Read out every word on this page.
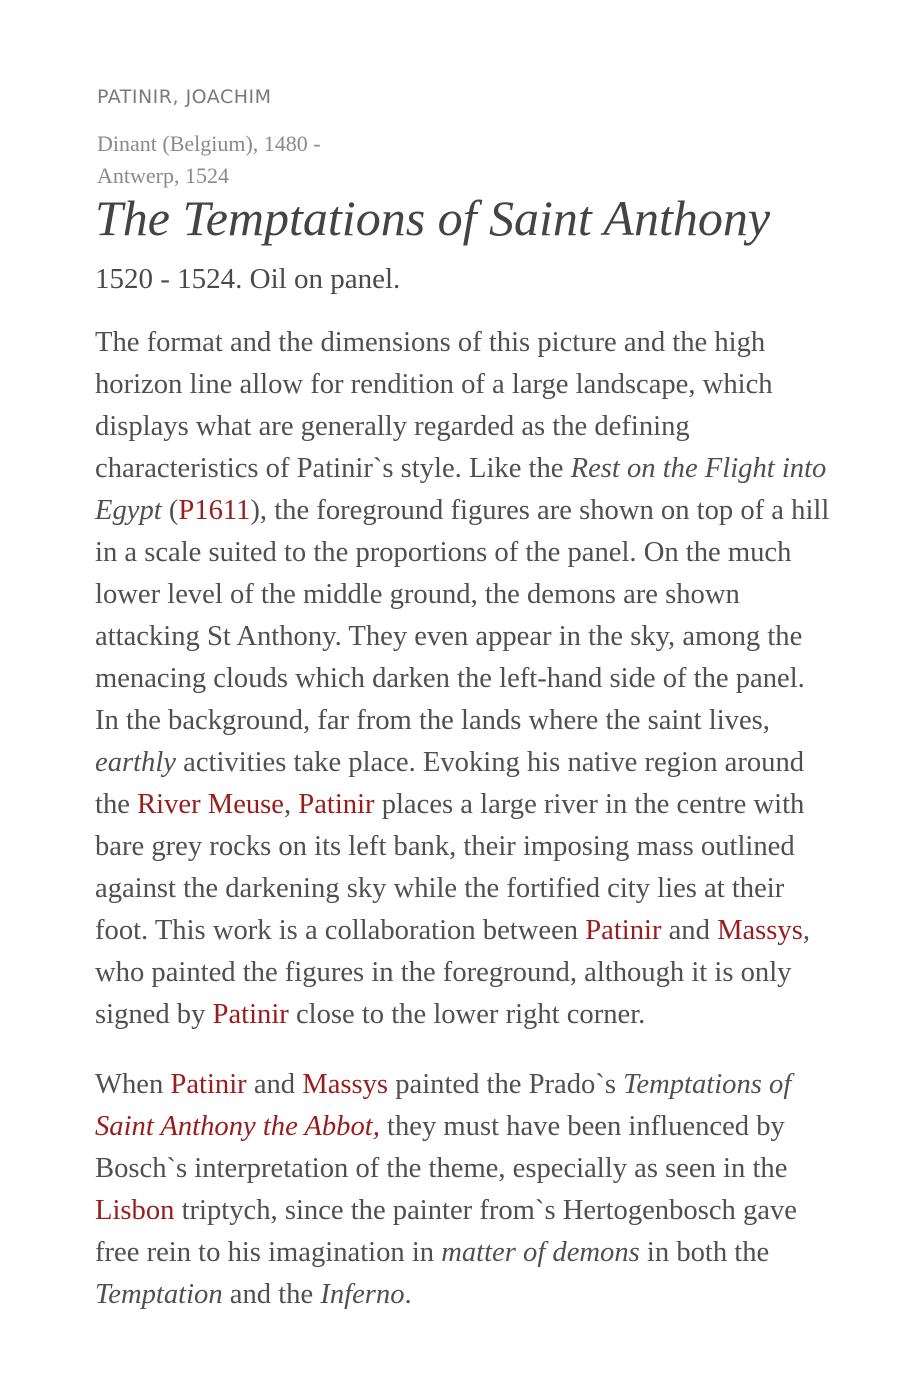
PATINIR, JOACHIM
Dinant (Belgium), 1480 - Antwerp, 1524
The Temptations of Saint Anthony
1520 - 1524. Oil on panel.

The format and the dimensions of this picture and the high horizon line allow for rendition of a large landscape, which displays what are generally regarded as the defining characteristics of Patinir`s style. Like the Rest on the Flight into Egypt (P1611), the foreground figures are shown on top of a hill in a scale suited to the proportions of the panel. On the much lower level of the middle ground, the demons are shown attacking St Anthony. They even appear in the sky, among the menacing clouds which darken the left-hand side of the panel. In the background, far from the lands where the saint lives, earthly activities take place. Evoking his native region around the River Meuse, Patinir places a large river in the centre with bare grey rocks on its left bank, their imposing mass outlined against the darkening sky while the fortified city lies at their foot. This work is a collaboration between Patinir and Massys, who painted the figures in the foreground, although it is only signed by Patinir close to the lower right corner.

When Patinir and Massys painted the Prado`s Temptations of Saint Anthony the Abbot, they must have been influenced by Bosch`s interpretation of the theme, especially as seen in the Lisbon triptych, since the painter from`s Hertogenbosch gave free rein to his imagination in matter of demons in both the Temptation and the Inferno.
